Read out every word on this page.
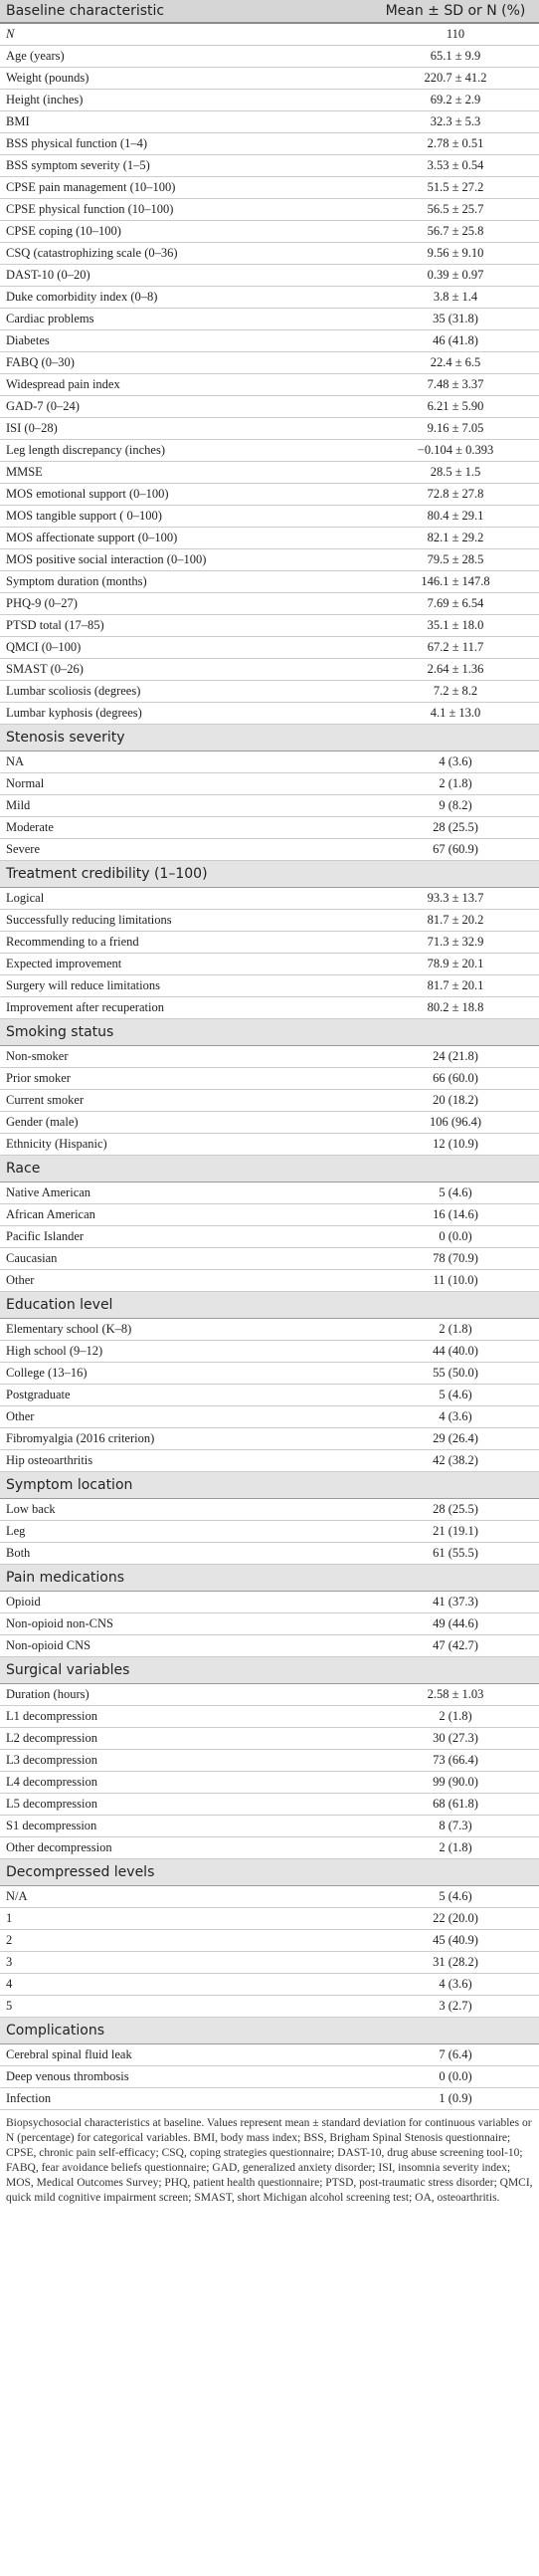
Baseline characteristic	Mean ± SD or N (%)
N	110
Age (years)	65.1 ± 9.9
Weight (pounds)	220.7 ± 41.2
Height (inches)	69.2 ± 2.9
BMI	32.3 ± 5.3
BSS physical function (1–4)	2.78 ± 0.51
BSS symptom severity (1–5)	3.53 ± 0.54
CPSE pain management (10–100)	51.5 ± 27.2
CPSE physical function (10–100)	56.5 ± 25.7
CPSE coping (10–100)	56.7 ± 25.8
CSQ (catastrophizing scale (0–36)	9.56 ± 9.10
DAST-10 (0–20)	0.39 ± 0.97
Duke comorbidity index (0–8)	3.8 ± 1.4
Cardiac problems	35 (31.8)
Diabetes	46 (41.8)
FABQ (0–30)	22.4 ± 6.5
Widespread pain index	7.48 ± 3.37
GAD-7 (0–24)	6.21 ± 5.90
ISI (0–28)	9.16 ± 7.05
Leg length discrepancy (inches)	−0.104 ± 0.393
MMSE	28.5 ± 1.5
MOS emotional support (0–100)	72.8 ± 27.8
MOS tangible support ( 0–100)	80.4 ± 29.1
MOS affectionate support (0–100)	82.1 ± 29.2
MOS positive social interaction (0–100)	79.5 ± 28.5
Symptom duration (months)	146.1 ± 147.8
PHQ-9 (0–27)	7.69 ± 6.54
PTSD total (17–85)	35.1 ± 18.0
QMCI (0–100)	67.2 ± 11.7
SMAST (0–26)	2.64 ± 1.36
Lumbar scoliosis (degrees)	7.2 ± 8.2
Lumbar kyphosis (degrees)	4.1 ± 13.0
Stenosis severity	
NA	4 (3.6)
Normal	2 (1.8)
Mild	9 (8.2)
Moderate	28 (25.5)
Severe	67 (60.9)
Treatment credibility (1–100)	
Logical	93.3 ± 13.7
Successfully reducing limitations	81.7 ± 20.2
Recommending to a friend	71.3 ± 32.9
Expected improvement	78.9 ± 20.1
Surgery will reduce limitations	81.7 ± 20.1
Improvement after recuperation	80.2 ± 18.8
Smoking status	
Non-smoker	24 (21.8)
Prior smoker	66 (60.0)
Current smoker	20 (18.2)
Gender (male)	106 (96.4)
Ethnicity (Hispanic)	12 (10.9)
Race	
Native American	5 (4.6)
African American	16 (14.6)
Pacific Islander	0 (0.0)
Caucasian	78 (70.9)
Other	11 (10.0)
Education level	
Elementary school (K–8)	2 (1.8)
High school (9–12)	44 (40.0)
College (13–16)	55 (50.0)
Postgraduate	5 (4.6)
Other	4 (3.6)
Fibromyalgia (2016 criterion)	29 (26.4)
Hip osteoarthritis	42 (38.2)
Symptom location	
Low back	28 (25.5)
Leg	21 (19.1)
Both	61 (55.5)
Pain medications	
Opioid	41 (37.3)
Non-opioid non-CNS	49 (44.6)
Non-opioid CNS	47 (42.7)
Surgical variables	
Duration (hours)	2.58 ± 1.03
L1 decompression	2 (1.8)
L2 decompression	30 (27.3)
L3 decompression	73 (66.4)
L4 decompression	99 (90.0)
L5 decompression	68 (61.8)
S1 decompression	8 (7.3)
Other decompression	2 (1.8)
Decompressed levels	
N/A	5 (4.6)
1	22 (20.0)
2	45 (40.9)
3	31 (28.2)
4	4 (3.6)
5	3 (2.7)
Complications	
Cerebral spinal fluid leak	7 (6.4)
Deep venous thrombosis	0 (0.0)
Infection	1 (0.9)
Biopsychosocial characteristics at baseline. Values represent mean ± standard deviation for continuous variables or N (percentage) for categorical variables. BMI, body mass index; BSS, Brigham Spinal Stenosis questionnaire; CPSE, chronic pain self-efficacy; CSQ, coping strategies questionnaire; DAST-10, drug abuse screening tool-10; FABQ, fear avoidance beliefs questionnaire; GAD, generalized anxiety disorder; ISI, insomnia severity index; MOS, Medical Outcomes Survey; PHQ, patient health questionnaire; PTSD, post-traumatic stress disorder; QMCI, quick mild cognitive impairment screen; SMAST, short Michigan alcohol screening test; OA, osteoarthritis.
